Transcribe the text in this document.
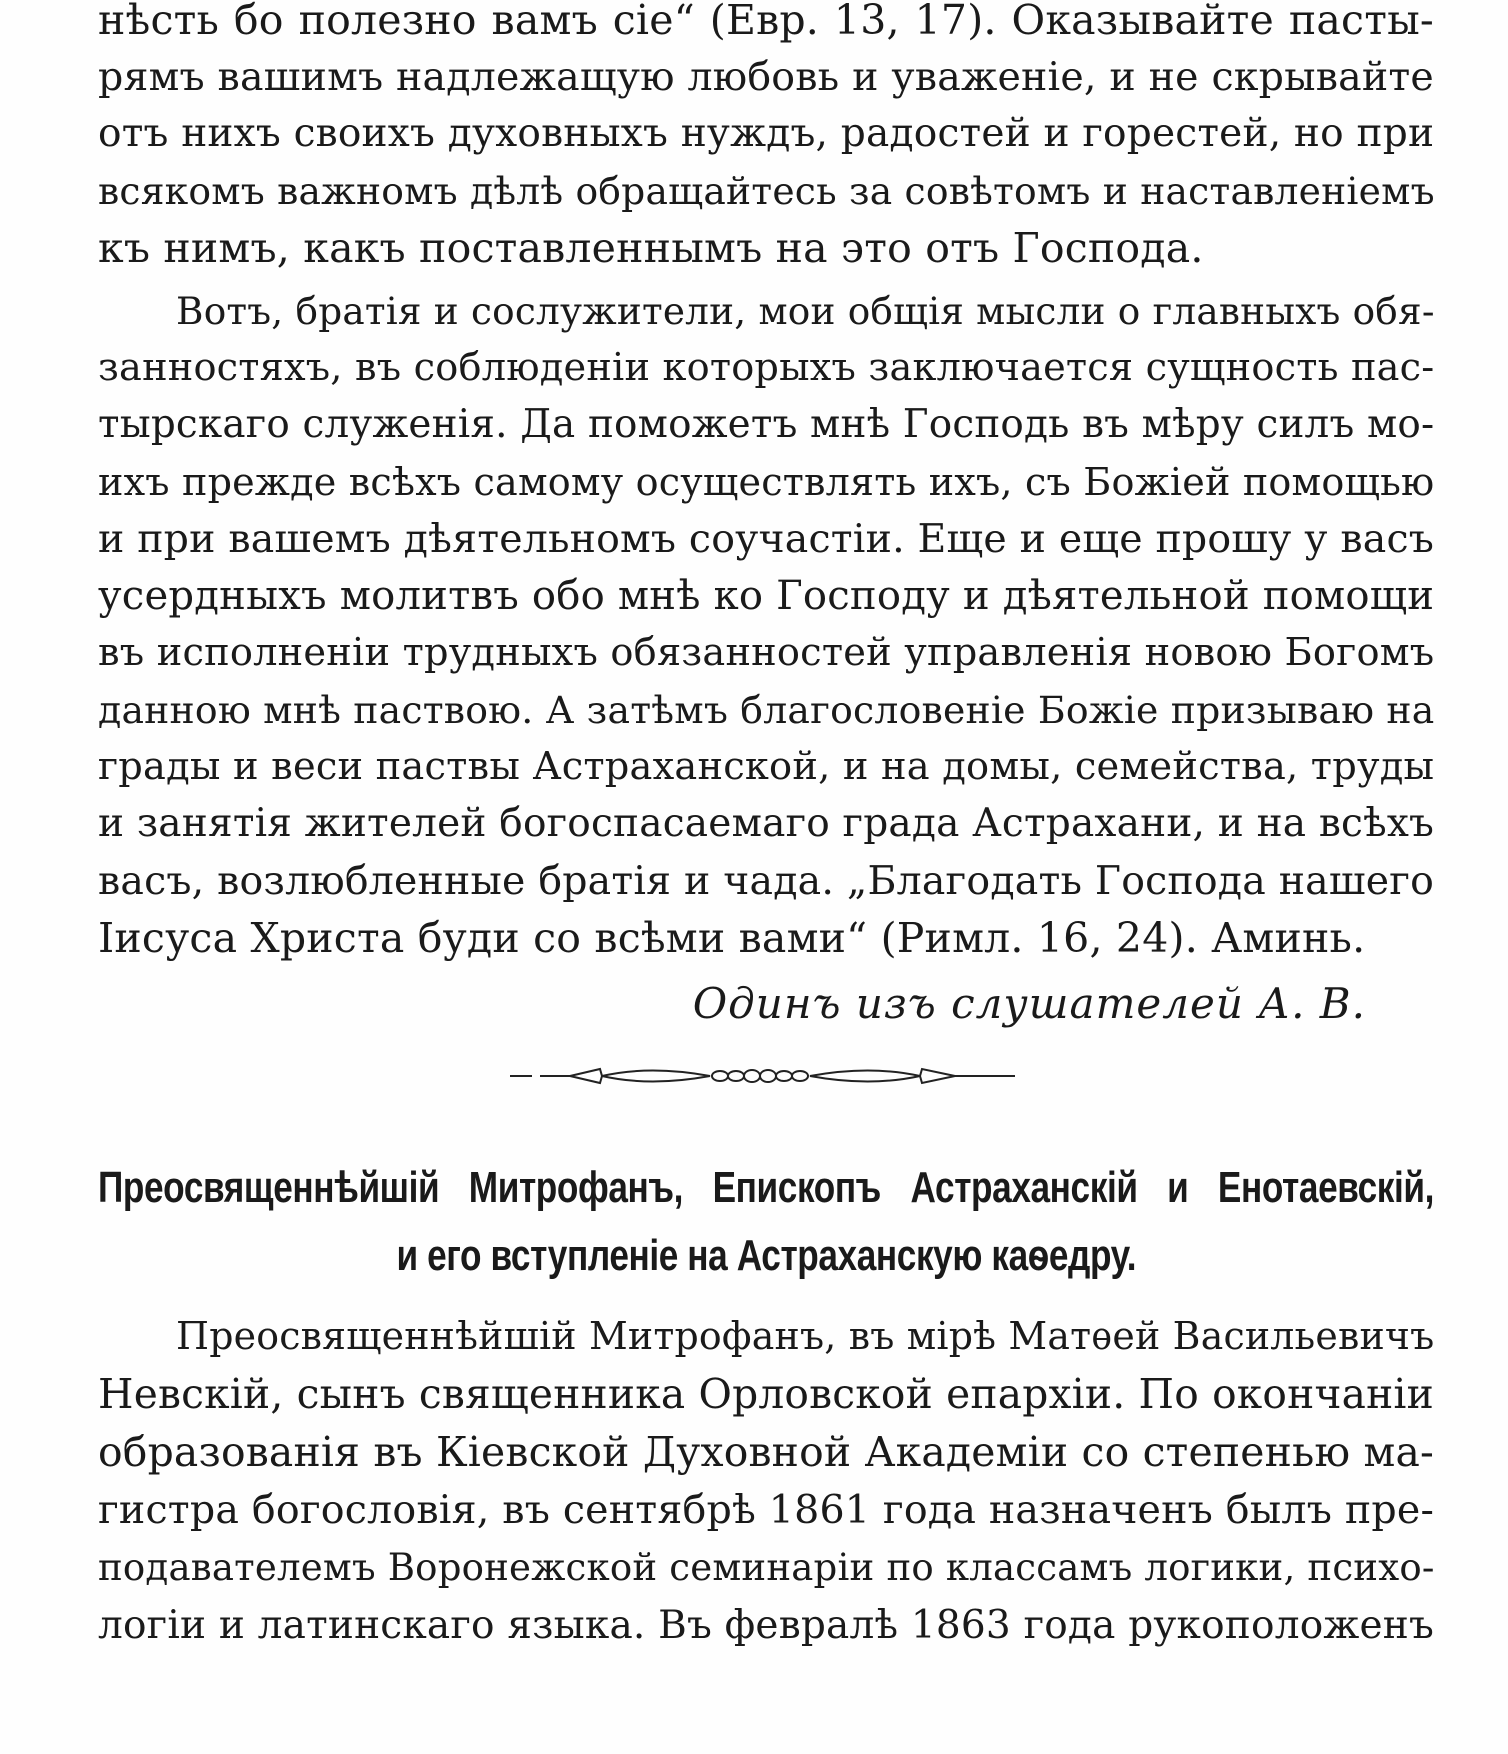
нѣсть бо полезно вамъ сіе“ (Евр. 13, 17). Оказывайте пасты-
рямъ вашимъ надлежащую любовь и уваженіе, и не скрывайте
отъ нихъ своихъ духовныхъ нуждъ, радостей и горестей, но при
всякомъ важномъ дѣлѣ обращайтесь за совѣтомъ и наставленіемъ
къ нимъ, какъ поставленнымъ на это отъ Господа.
Вотъ, братія и сослужители, мои общія мысли о главныхъ обя-
занностяхъ, въ соблюденіи которыхъ заключается сущность пас-
тырскаго служенія. Да поможетъ мнѣ Господь въ мѣру силъ мо-
ихъ прежде всѣхъ самому осуществлять ихъ, съ Божіей помощью
и при вашемъ дѣятельномъ соучастіи. Еще и еще прошу у васъ
усердныхъ молитвъ обо мнѣ ко Господу и дѣятельной помощи
въ исполненіи трудныхъ обязанностей управленія новою Богомъ
данною мнѣ паствою. А затѣмъ благословеніе Божіе призываю на
грады и веси паствы Астраханской, и на домы, семейства, труды
и занятія жителей богоспасаемаго града Астрахани, и на всѣхъ
васъ, возлюбленные братія и чада. „Благодать Господа нашего
Іисуса Христа буди со всѣми вами“ (Римл. 16, 24). Аминь.
Одинъ изъ слушателей А. В.
Преосвященнѣйшій Митрофанъ, Епископъ Астраханскій и Енотаевскій,
и его вступленіе на Астраханскую каѳедру.
Преосвященнѣйшій Митрофанъ, въ мірѣ Матѳей Васильевичъ
Невскій, сынъ священника Орловской епархіи. По окончаніи
образованія въ Кіевской Духовной Академіи со степенью ма-
гистра богословія, въ сентябрѣ 1861 года назначенъ былъ пре-
подавателемъ Воронежской семинаріи по классамъ логики, психо-
логіи и латинскаго языка. Въ февралѣ 1863 года рукоположенъ
